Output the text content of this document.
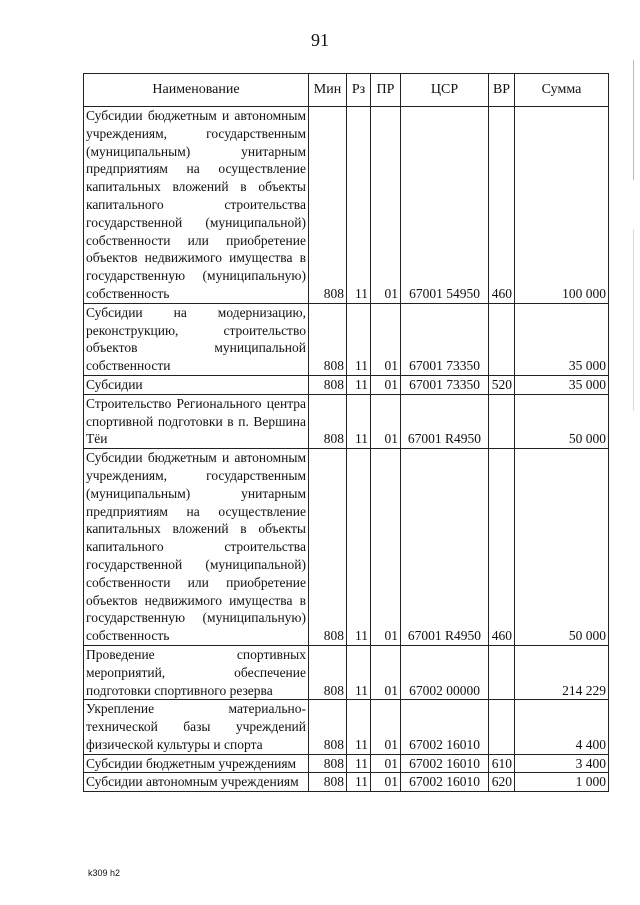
91
Наименование	Мин	Рз	ПР	ЦСР	ВР	Сумма
Субсидии бюджетным и автономным учреждениям, государственным (муниципальным) унитарным предприятиям на осуществление капитальных вложений в объекты капитального строительства государственной (муниципальной) собственности или приобретение объектов недвижимого имущества в государственную (муниципальную) собственность	808	11	01	67001 54950	460	100 000
Субсидии на модернизацию, реконструкцию, строительство объектов муниципальной собственности	808	11	01	67001 73350		35 000
Субсидии	808	11	01	67001 73350	520	35 000
Строительство Регионального центра спортивной подготовки в п. Вершина Тёи	808	11	01	67001 R4950		50 000
Субсидии бюджетным и автономным учреждениям, государственным (муниципальным) унитарным предприятиям на осуществление капитальных вложений в объекты капитального строительства государственной (муниципальной) собственности или приобретение объектов недвижимого имущества в государственную (муниципальную) собственность	808	11	01	67001 R4950	460	50 000
Проведение спортивных мероприятий, обеспечение подготовки спортивного резерва	808	11	01	67002 00000		214 229
Укрепление материально-технической базы учреждений физической культуры и спорта	808	11	01	67002 16010		4 400
Субсидии бюджетным учреждениям	808	11	01	67002 16010	610	3 400
Субсидии автономным учреждениям	808	11	01	67002 16010	620	1 000
k309 h2
